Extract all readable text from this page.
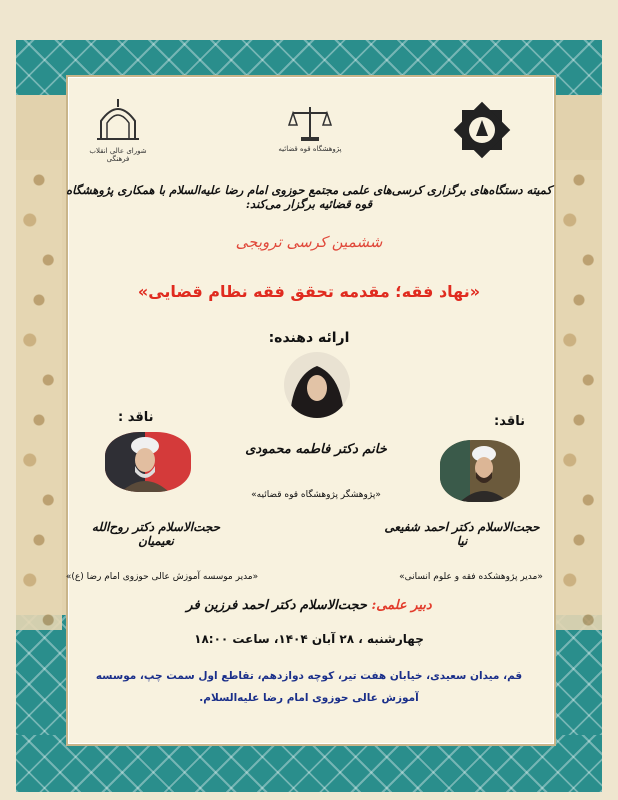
شورای عالی انقلاب فرهنگی
پژوهشگاه قوه قضائیه
کمیته دستگاه‌های برگزاری کرسی‌های علمی مجتمع حوزوی امام رضا علیه‌السلام با همکاری پژوهشگاه قوه قضائیه برگزار می‌کند:
ششمین کرسی ترویجی
«نهاد فقه؛ مقدمه تحقق فقه نظام قضایی»
ارائه دهنده:
خانم دکتر فاطمه محمودی
«پژوهشگر پژوهشگاه قوه قضائیه»
ناقد :
حجت‌الاسلام دکتر روح‌الله نعیمیان
«مدیر موسسه آموزش عالی حوزوی امام رضا (ع)»
ناقد:
حجت‌الاسلام دکتر احمد شفیعی نیا
«مدیر پژوهشکده فقه و علوم انسانی»
دبیر علمی: حجت‌الاسلام دکتر احمد فرزین فر
چهارشنبه ، ۲۸ آبان ۱۴۰۴، ساعت ۱۸:۰۰
قم، میدان سعیدی، خیابان هفت تیر، کوچه دوازدهم، تقاطع اول سمت چپ، موسسه
آموزش عالی حوزوی امام رضا علیه‌السلام.
